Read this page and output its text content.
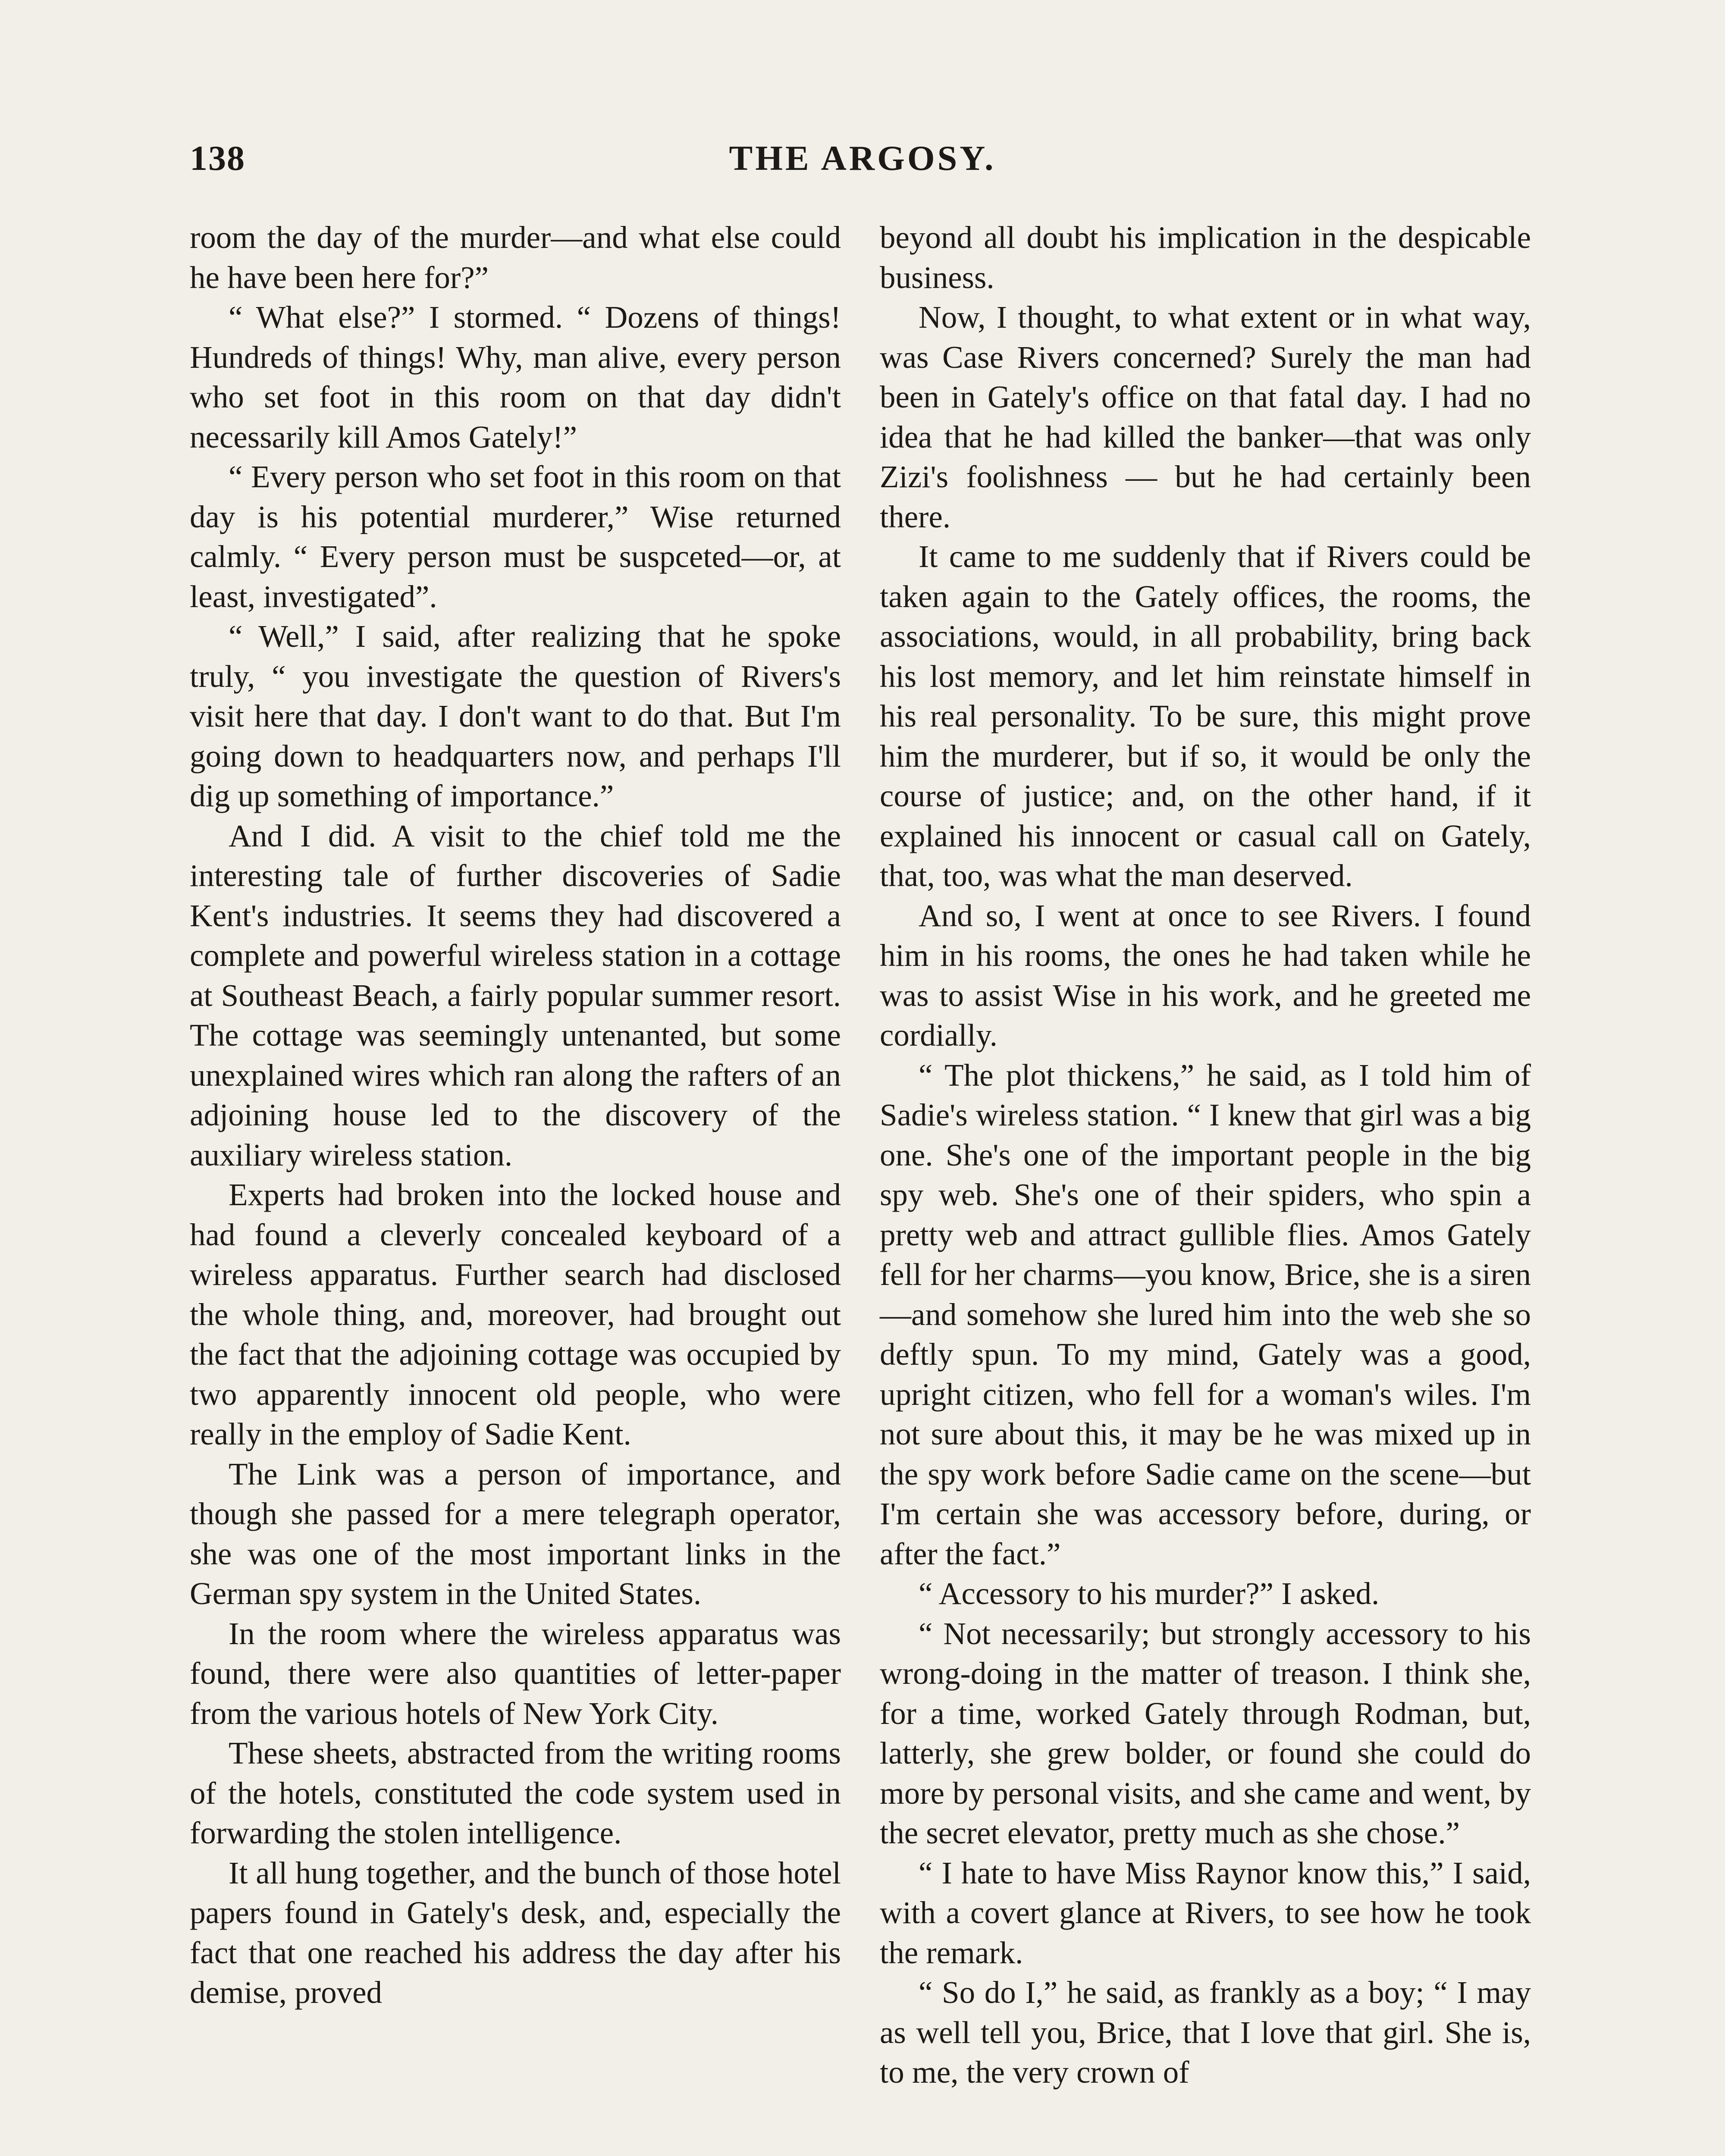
138	THE ARGOSY.

room the day of the murder—and what else could he have been here for?”

“ What else?” I stormed. “ Dozens of things! Hundreds of things! Why, man alive, every person who set foot in this room on that day didn't necessarily kill Amos Gately!”

“ Every person who set foot in this room on that day is his potential murderer,” Wise returned calmly. “ Every person must be suspceted—or, at least, investigated”.

“ Well,” I said, after realizing that he spoke truly, “ you investigate the question of Rivers's visit here that day. I don't want to do that. But I'm going down to headquarters now, and perhaps I'll dig up something of importance.”

And I did. A visit to the chief told me the interesting tale of further discoveries of Sadie Kent's industries. It seems they had discovered a complete and powerful wireless station in a cottage at Southeast Beach, a fairly popular summer resort. The cottage was seemingly untenanted, but some unexplained wires which ran along the rafters of an adjoining house led to the discovery of the auxiliary wireless station.

Experts had broken into the locked house and had found a cleverly concealed keyboard of a wireless apparatus. Further search had disclosed the whole thing, and, moreover, had brought out the fact that the adjoining cottage was occupied by two apparently innocent old people, who were really in the employ of Sadie Kent.

The Link was a person of importance, and though she passed for a mere telegraph operator, she was one of the most important links in the German spy system in the United States.

In the room where the wireless apparatus was found, there were also quantities of letter-paper from the various hotels of New York City.

These sheets, abstracted from the writing rooms of the hotels, constituted the code system used in forwarding the stolen intelligence.

It all hung together, and the bunch of those hotel papers found in Gately's desk, and, especially the fact that one reached his address the day after his demise, proved

beyond all doubt his implication in the despicable business.

Now, I thought, to what extent or in what way, was Case Rivers concerned? Surely the man had been in Gately's office on that fatal day. I had no idea that he had killed the banker—that was only Zizi's foolishness — but he had certainly been there.

It came to me suddenly that if Rivers could be taken again to the Gately offices, the rooms, the associations, would, in all probability, bring back his lost memory, and let him reinstate himself in his real personality. To be sure, this might prove him the murderer, but if so, it would be only the course of justice; and, on the other hand, if it explained his innocent or casual call on Gately, that, too, was what the man deserved.

And so, I went at once to see Rivers. I found him in his rooms, the ones he had taken while he was to assist Wise in his work, and he greeted me cordially.

“ The plot thickens,” he said, as I told him of Sadie's wireless station. “ I knew that girl was a big one. She's one of the important people in the big spy web. She's one of their spiders, who spin a pretty web and attract gullible flies. Amos Gately fell for her charms—you know, Brice, she is a siren—and somehow she lured him into the web she so deftly spun. To my mind, Gately was a good, upright citizen, who fell for a woman's wiles. I'm not sure about this, it may be he was mixed up in the spy work before Sadie came on the scene—but I'm certain she was accessory before, during, or after the fact.”

“ Accessory to his murder?” I asked.

“ Not necessarily; but strongly accessory to his wrong-doing in the matter of treason. I think she, for a time, worked Gately through Rodman, but, latterly, she grew bolder, or found she could do more by personal visits, and she came and went, by the secret elevator, pretty much as she chose.”

“ I hate to have Miss Raynor know this,” I said, with a covert glance at Rivers, to see how he took the remark.

“ So do I,” he said, as frankly as a boy; “ I may as well tell you, Brice, that I love that girl. She is, to me, the very crown of
